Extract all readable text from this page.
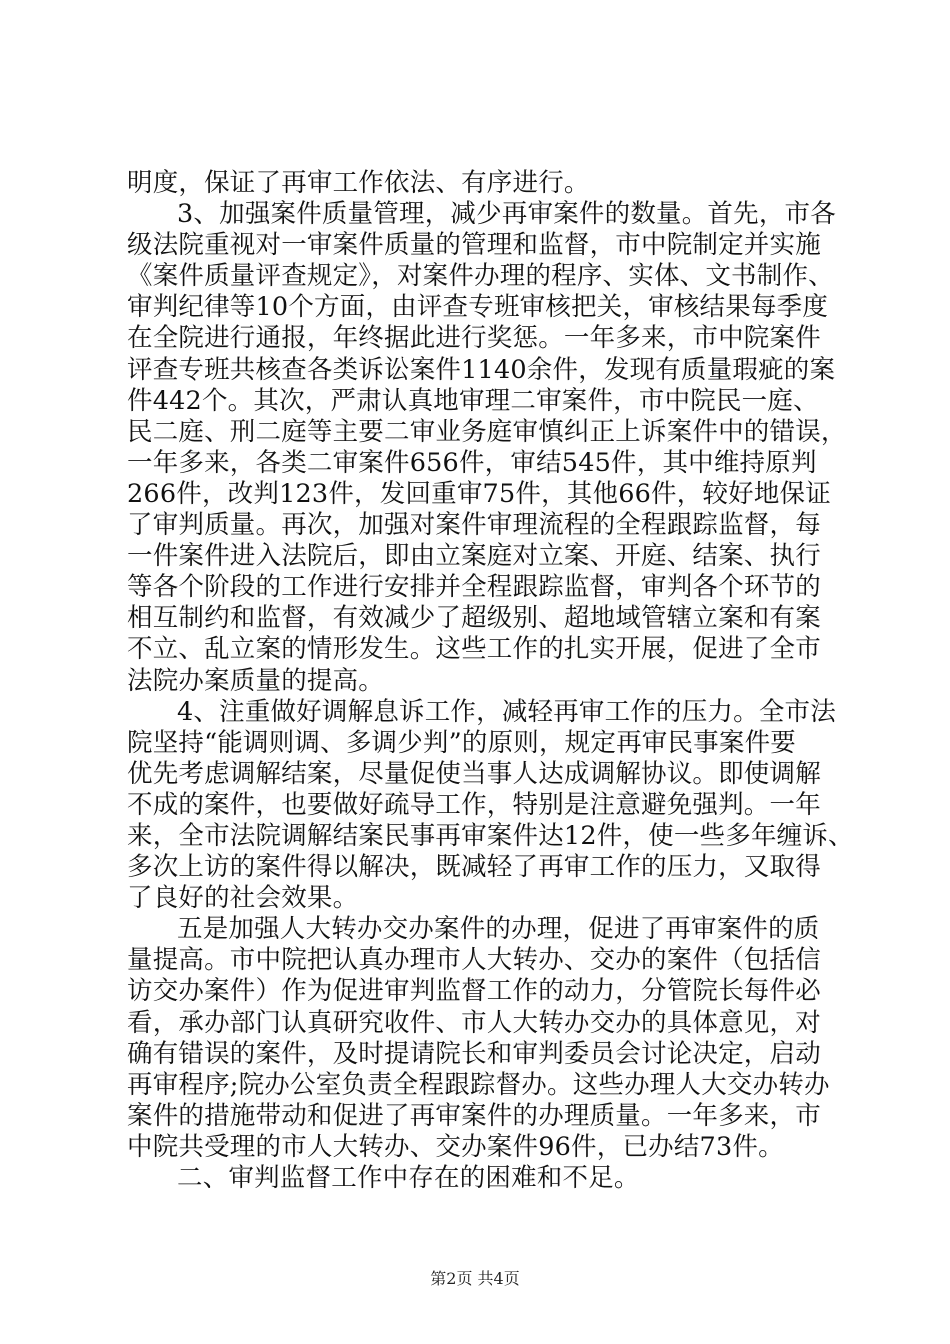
明度，保证了再审工作依法、有序进行。
3、加强案件质量管理，减少再审案件的数量。首先，市各
级法院重视对一审案件质量的管理和监督，市中院制定并实施
《案件质量评查规定》，对案件办理的程序、实体、文书制作、
审判纪律等10个方面，由评查专班审核把关，审核结果每季度
在全院进行通报，年终据此进行奖惩。一年多来，市中院案件
评查专班共核查各类诉讼案件1140余件，发现有质量瑕疵的案
件442个。其次，严肃认真地审理二审案件，市中院民一庭、
民二庭、刑二庭等主要二审业务庭审慎纠正上诉案件中的错误，
一年多来，各类二审案件656件，审结545件，其中维持原判
266件，改判123件，发回重审75件，其他66件，较好地保证
了审判质量。再次，加强对案件审理流程的全程跟踪监督，每
一件案件进入法院后，即由立案庭对立案、开庭、结案、执行
等各个阶段的工作进行安排并全程跟踪监督，审判各个环节的
相互制约和监督，有效减少了超级别、超地域管辖立案和有案
不立、乱立案的情形发生。这些工作的扎实开展，促进了全市
法院办案质量的提高。
4、注重做好调解息诉工作，减轻再审工作的压力。全市法
院坚持“能调则调、多调少判”的原则，规定再审民事案件要
优先考虑调解结案，尽量促使当事人达成调解协议。即使调解
不成的案件，也要做好疏导工作，特别是注意避免强判。一年
来，全市法院调解结案民事再审案件达12件，使一些多年缠诉、
多次上访的案件得以解决，既减轻了再审工作的压力，又取得
了良好的社会效果。
五是加强人大转办交办案件的办理，促进了再审案件的质
量提高。市中院把认真办理市人大转办、交办的案件（包括信
访交办案件）作为促进审判监督工作的动力，分管院长每件必
看，承办部门认真研究收件、市人大转办交办的具体意见，对
确有错误的案件，及时提请院长和审判委员会讨论决定，启动
再审程序;院办公室负责全程跟踪督办。这些办理人大交办转办
案件的措施带动和促进了再审案件的办理质量。一年多来，市
中院共受理的市人大转办、交办案件96件，已办结73件。
二、审判监督工作中存在的困难和不足。
第2页 共4页
